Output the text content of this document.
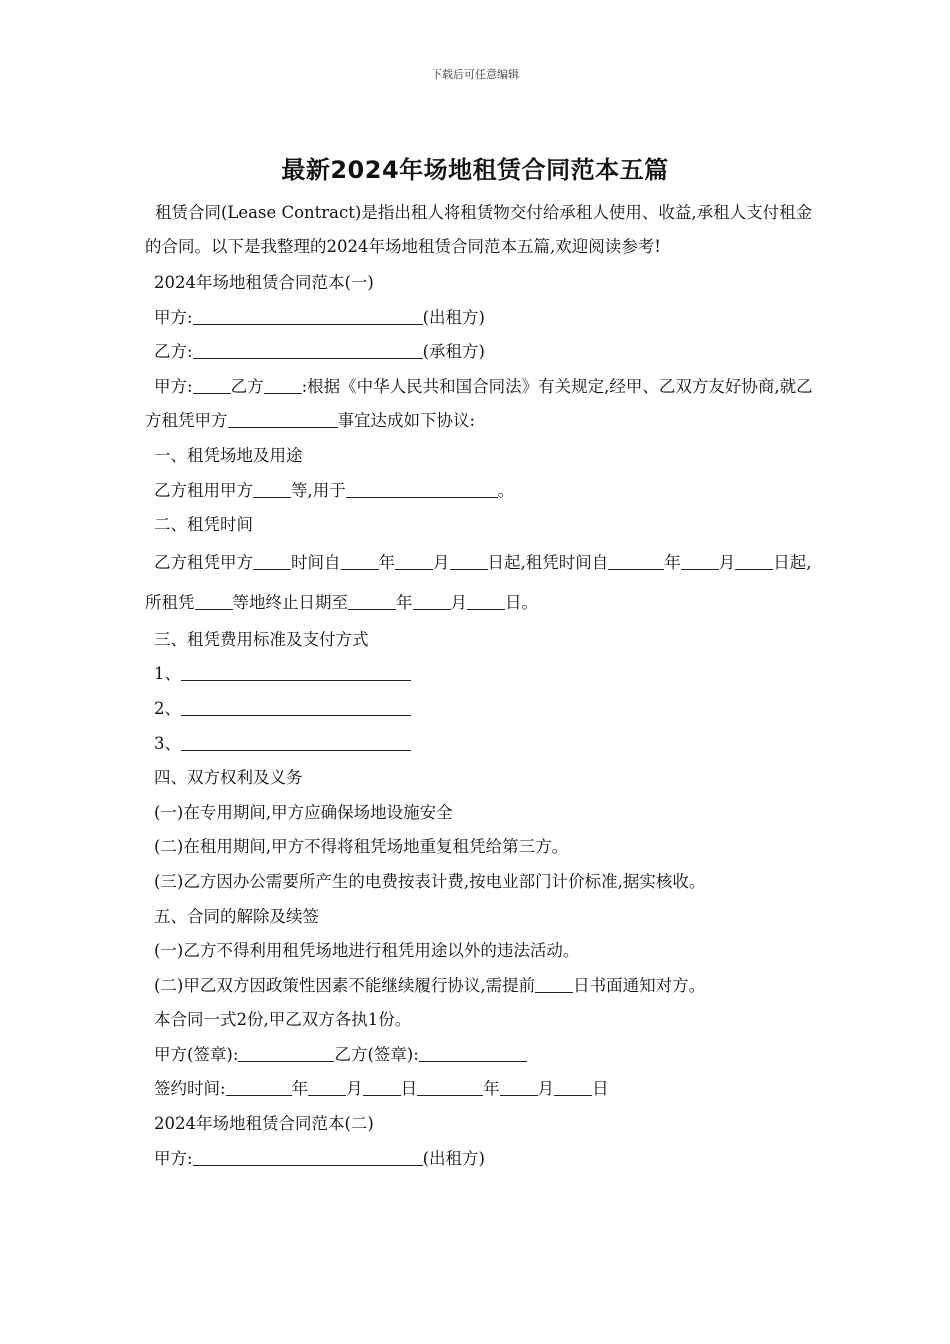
下载后可任意编辑
最新2024年场地租赁合同范本五篇

租赁合同(Lease Contract)是指出租人将租赁物交付给承租人使用、收益,承租人支付租金的合同。以下是我整理的2024年场地租赁合同范本五篇,欢迎阅读参考!

2024年场地租赁合同范本(一)
甲方:	(出租方)
乙方:	(承租方)
甲方: 乙方 :根据《中华人民共和国合同法》有关规定,经甲、乙双方友好协商,就乙方租凭甲方	事宜达成如下协议:
一、租凭场地及用途
乙方租用甲方 等,用于	。
二、租凭时间
乙方租凭甲方 时间自 年 月 日起,租凭时间自	年 月 日起,所租凭 等地终止日期至	年 月 日。
三、租凭费用标准及支付方式
1、
2、
3、
四、双方权利及义务
(一)在专用期间,甲方应确保场地设施安全
(二)在租用期间,甲方不得将租凭场地重复租凭给第三方。
(三)乙方因办公需要所产生的电费按表计费,按电业部门计价标准,据实核收。
五、合同的解除及续签
(一)乙方不得利用租凭场地进行租凭用途以外的违法活动。
(二)甲乙双方因政策性因素不能继续履行协议,需提前 日书面通知对方。
本合同一式2份,甲乙双方各执1份。
甲方(签章):	乙方(签章):
签约时间:	年 月 日	年 月 日
2024年场地租赁合同范本(二)
甲方:	(出租方)
